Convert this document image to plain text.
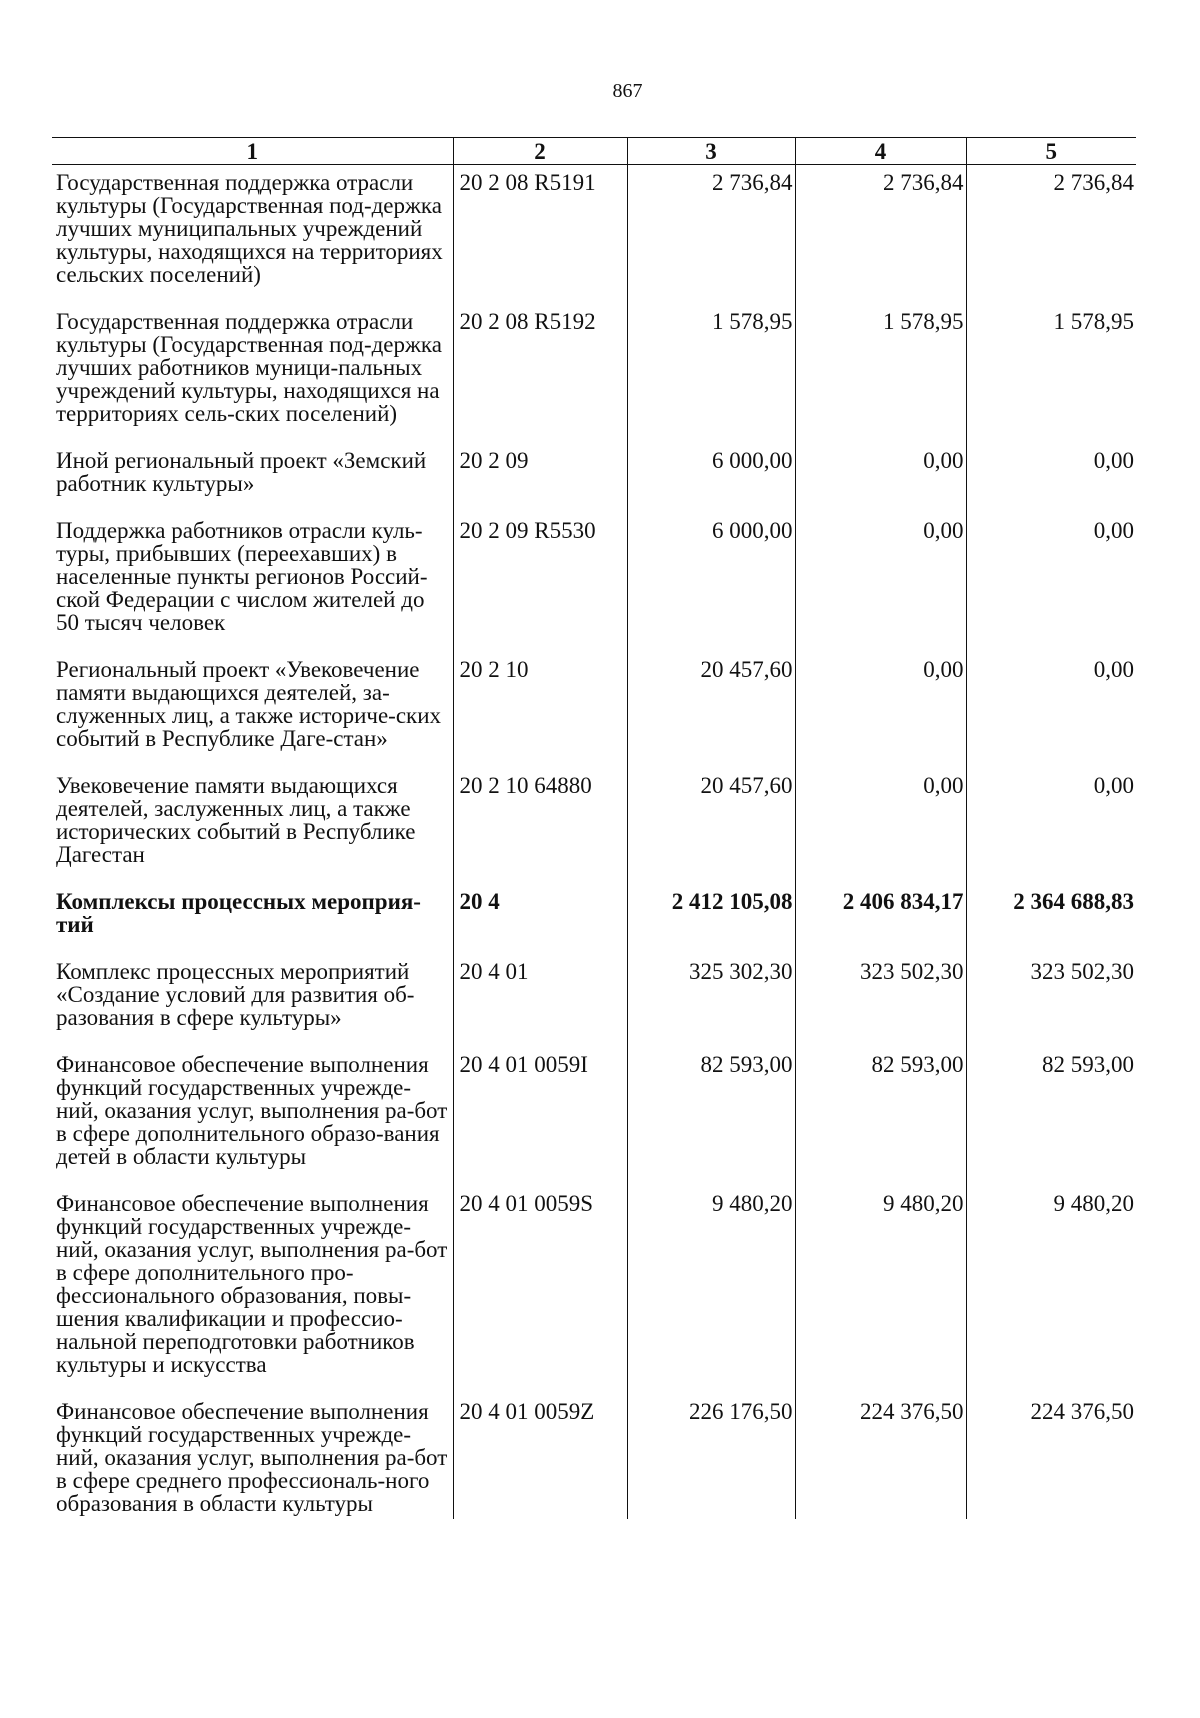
867
1	2	3	4	5
Государственная поддержка отрасли культуры (Государственная под-держка лучших муниципальных учреждений культуры, находящихся на территориях сельских поселений)	20 2 08 R5191	2 736,84	2 736,84	2 736,84
Государственная поддержка отрасли культуры (Государственная под-держка лучших работников муници-пальных учреждений культуры, находящихся на территориях сель-ских поселений)	20 2 08 R5192	1 578,95	1 578,95	1 578,95
Иной региональный проект «Земский работник культуры»	20 2 09	6 000,00	0,00	0,00
Поддержка работников отрасли куль-туры, прибывших (переехавших) в населенные пункты регионов Россий-ской Федерации с числом жителей до 50 тысяч человек	20 2 09 R5530	6 000,00	0,00	0,00
Региональный проект «Увековечение памяти выдающихся деятелей, за-служенных лиц, а также историче-ских событий в Республике Даге-стан»	20 2 10	20 457,60	0,00	0,00
Увековечение памяти выдающихся деятелей, заслуженных лиц, а также исторических событий в Республике Дагестан	20 2 10 64880	20 457,60	0,00	0,00
Комплексы процессных мероприя-тий	20 4	2 412 105,08	2 406 834,17	2 364 688,83
Комплекс процессных мероприятий «Создание условий для развития об-разования в сфере культуры»	20 4 01	325 302,30	323 502,30	323 502,30
Финансовое обеспечение выполнения функций государственных учрежде-ний, оказания услуг, выполнения ра-бот в сфере дополнительного образо-вания детей в области культуры	20 4 01 0059I	82 593,00	82 593,00	82 593,00
Финансовое обеспечение выполнения функций государственных учрежде-ний, оказания услуг, выполнения ра-бот в сфере дополнительного про-фессионального образования, повы-шения квалификации и профессио-нальной переподготовки работников культуры и искусства	20 4 01 0059S	9 480,20	9 480,20	9 480,20
Финансовое обеспечение выполнения функций государственных учрежде-ний, оказания услуг, выполнения ра-бот в сфере среднего профессиональ-ного образования в области культуры	20 4 01 0059Z	226 176,50	224 376,50	224 376,50
